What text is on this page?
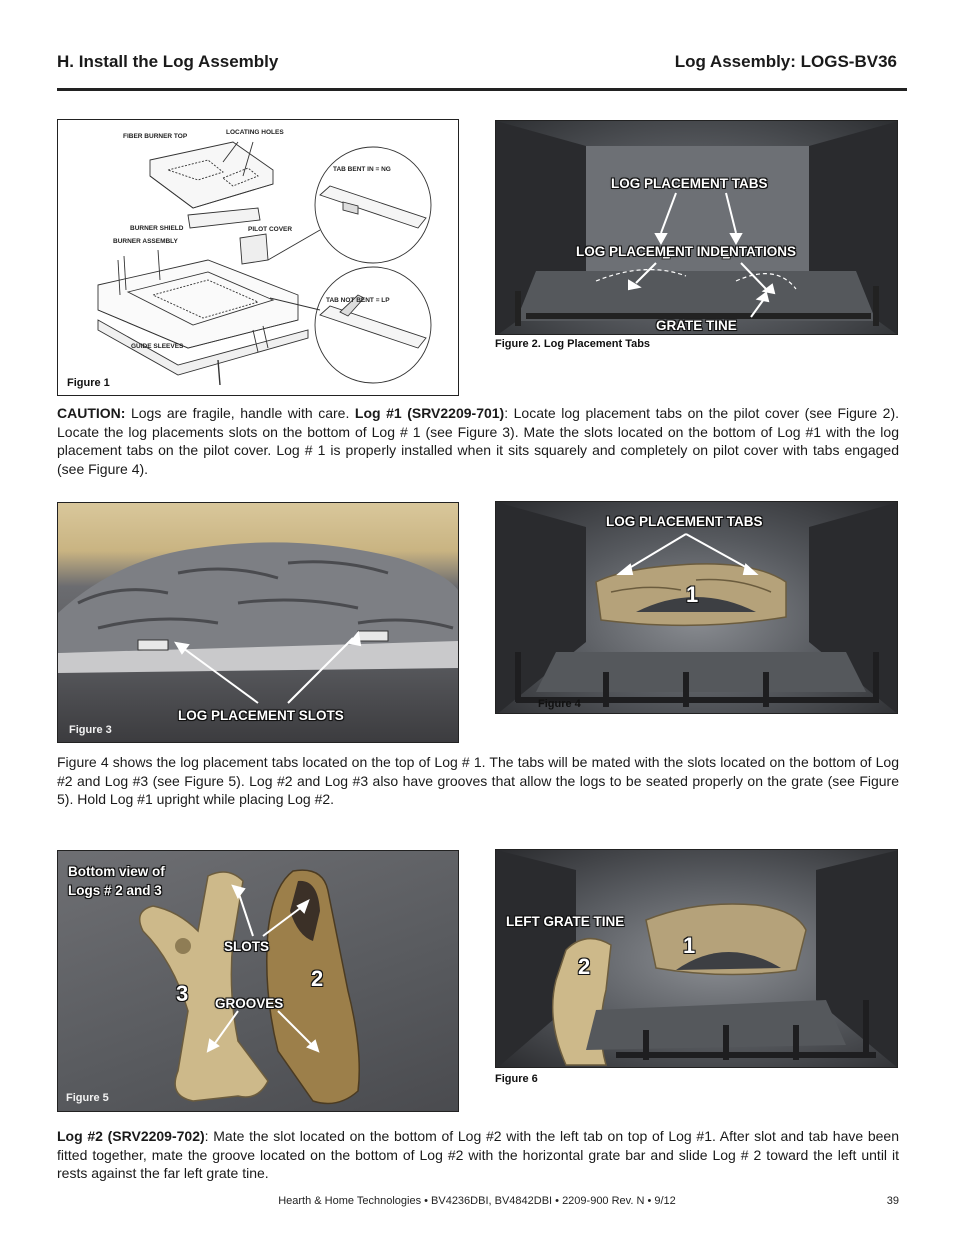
H. Install the Log Assembly	Log Assembly: LOGS-BV36
FIBER BURNER TOP
LOCATING HOLES
BURNER SHIELD
BURNER ASSEMBLY
PILOT COVER
GUIDE SLEEVES
TAB BENT IN = NG
TAB NOT BENT = LP
Figure 1
LOG PLACEMENT TABS
LOG PLACEMENT INDENTATIONS
GRATE TINE
Figure 2. Log Placement Tabs
CAUTION: Logs are fragile, handle with care. Log #1 (SRV2209-701): Locate log placement tabs on the pilot cover (see Figure 2). Locate the log placements slots on the bottom of Log # 1 (see Figure 3). Mate the slots located on the bottom of Log #1 with the log placement tabs on the pilot cover. Log # 1 is properly installed when it sits squarely and completely on pilot cover with tabs engaged (see Figure 4).
LOG PLACEMENT SLOTS
Figure 3
LOG PLACEMENT TABS
1
Figure 4
Figure 4 shows the log placement tabs located on the top of Log # 1. The tabs will be mated with the slots located on the bottom of Log #2 and Log #3 (see Figure 5). Log #2 and Log #3 also have grooves that allow the logs to be seated properly on the grate (see Figure 5). Hold Log #1 upright while placing Log #2.
Bottom view of
Logs # 2 and 3
SLOTS
GROOVES
3
2
Figure 5
LEFT GRATE TINE
1
2
Figure 6
Log #2 (SRV2209-702): Mate the slot located on the bottom of Log #2 with the left tab on top of Log #1. After slot and tab have been fitted together, mate the groove located on the bottom of Log #2 with the horizontal grate bar and slide Log # 2 toward the left until it rests against the far left grate tine.
Hearth & Home Technologies • BV4236DBI, BV4842DBI • 2209-900 Rev. N • 9/12	39
